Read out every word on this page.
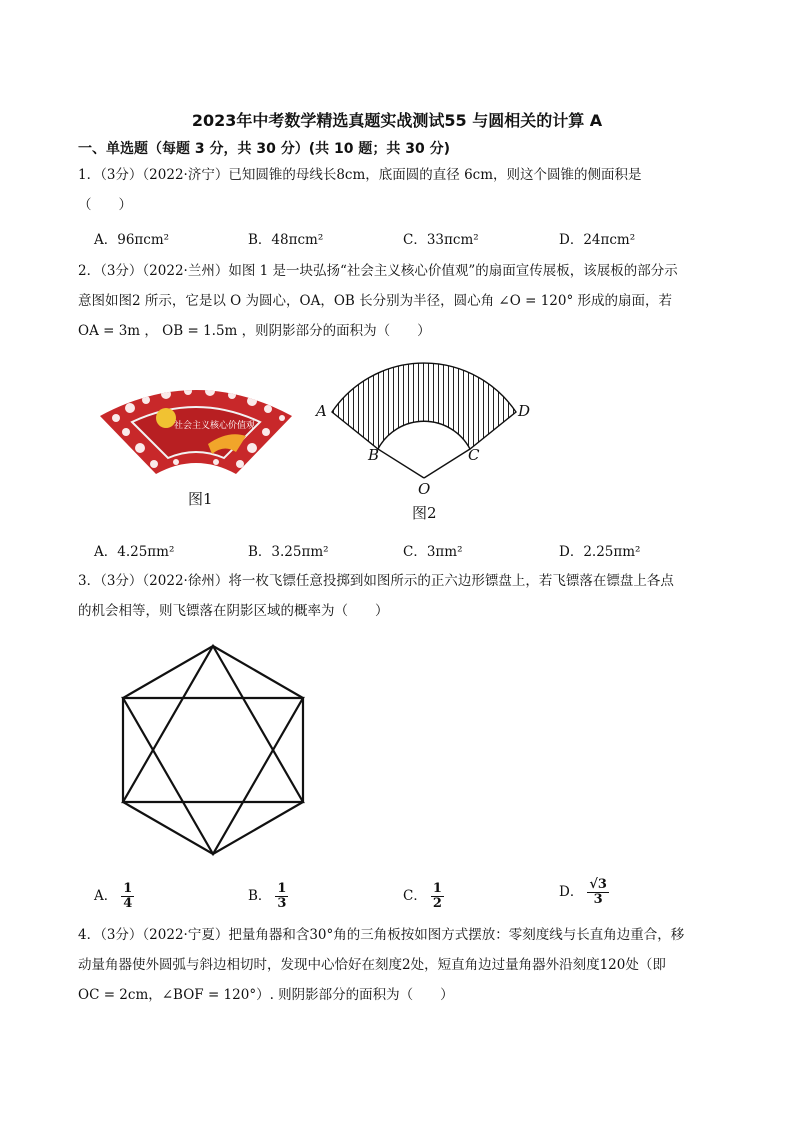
2023年中考数学精选真题实战测试55 与圆相关的计算 A
一、单选题（每题 3 分，共 30 分）(共 10 题；共 30 分)
1．（3分）（2022·济宁）已知圆锥的母线长8cm，底面圆的直径 6cm，则这个圆锥的侧面积是
（　　）
A．96πcm²	B．48πcm²	C．33πcm²	D．24πcm²
2．（3分）（2022·兰州）如图 1 是一块弘扬“社会主义核心价值观”的扇面宣传展板，该展板的部分示
意图如图2 所示，它是以 O 为圆心，OA，OB 长分别为半径，圆心角 ∠O = 120° 形成的扇面，若
OA = 3m ， OB = 1.5m ，则阴影部分的面积为（　　）
社会主义核心价值观
图1
A
B	C
D
O
图2
A．4.25πm²	B．3.25πm²	C．3πm²	D．2.25πm²
3．（3分）（2022·徐州）将一枚飞镖任意投掷到如图所示的正六边形镖盘上，若飞镖落在镖盘上各点
的机会相等，则飞镖落在阴影区域的概率为（　　）
A． $\frac{1}{4}$	B． $\frac{1}{3}$	C． $\frac{1}{2}$	D． $\frac{√3}{3}$
4．（3分）（2022·宁夏）把量角器和含30°角的三角板按如图方式摆放：零刻度线与长直角边重合，移
动量角器使外圆弧与斜边相切时，发现中心恰好在刻度2处，短直角边过量角器外沿刻度120处（即
OC = 2cm，∠BOF = 120°）. 则阴影部分的面积为（　　）
